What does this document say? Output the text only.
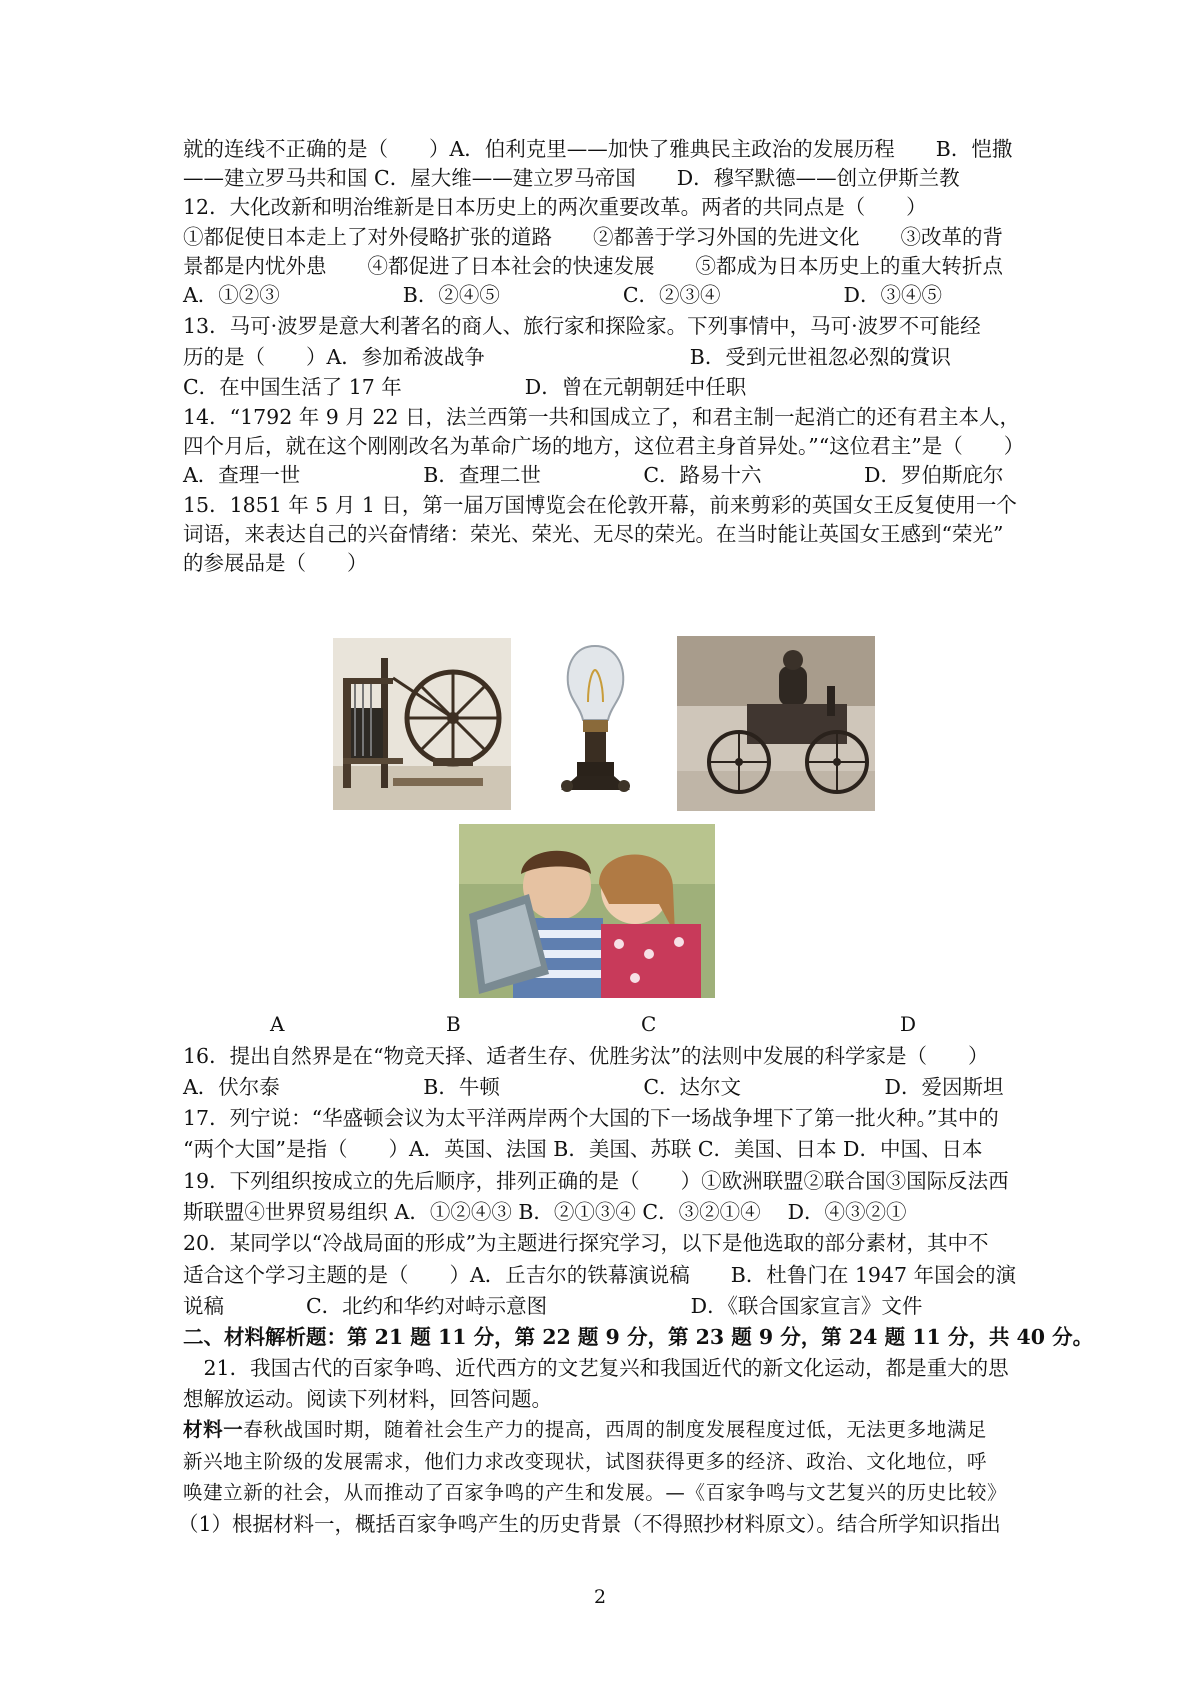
就的连线不正确的是（　　）A．伯利克里——加快了雅典民主政治的发展历程　　B．恺撒
——建立罗马共和国 C．屋大维——建立罗马帝国　　D．穆罕默德——创立伊斯兰教
12．大化改新和明治维新是日本历史上的两次重要改革。两者的共同点是（　　）
①都促使日本走上了对外侵略扩张的道路　　②都善于学习外国的先进文化　　③改革的背
景都是内忧外患　　④都促进了日本社会的快速发展　　⑤都成为日本历史上的重大转折点
A．①②③　　　　　　B．②④⑤　　　　　　C．②③④　　　　　　D．③④⑤
13．马可·波罗是意大利著名的商人、旅行家和探险家。下列事情中，马可·波罗不可能经
历的是（　　）A．参加希波战争　　　　　　　　　　B．受到元世祖忽必烈的赏识
C．在中国生活了 17 年　　　　　　D．曾在元朝朝廷中任职
14．“1792 年 9 月 22 日，法兰西第一共和国成立了，和君主制一起消亡的还有君主本人，
四个月后，就在这个刚刚改名为革命广场的地方，这位君主身首异处。”“这位君主”是（　　）
A．查理一世　　　　　　B．查理二世　　　　　C．路易十六　　　　　D．罗伯斯庇尔
15．1851 年 5 月 1 日，第一届万国博览会在伦敦开幕，前来剪彩的英国女王反复使用一个
词语，来表达自己的兴奋情绪：荣光、荣光、无尽的荣光。在当时能让英国女王感到“荣光”
的参展品是（　　）
A	B	C	D
16．提出自然界是在“物竞天择、适者生存、优胜劣汰”的法则中发展的科学家是（　　）
A．伏尔泰　　　　　　　B．牛顿　　　　　　　C．达尔文　　　　　　　D．爱因斯坦
17．列宁说：“华盛顿会议为太平洋两岸两个大国的下一场战争埋下了第一批火种。”其中的
“两个大国”是指（　　）A．英国、法国 B．美国、苏联 C．美国、日本 D．中国、日本
19．下列组织按成立的先后顺序，排列正确的是（　　）①欧洲联盟②联合国③国际反法西
斯联盟④世界贸易组织 A．①②④③ B．②①③④ C．③②①④　 D．④③②①
20．某同学以“冷战局面的形成”为主题进行探究学习，以下是他选取的部分素材，其中不
适合这个学习主题的是（　　）A．丘吉尔的铁幕演说稿　　B．杜鲁门在 1947 年国会的演
说稿　　　　C．北约和华约对峙示意图　　　　　　　D．《联合国家宣言》文件
二、材料解析题：第 21 题 11 分，第 22 题 9 分，第 23 题 9 分，第 24 题 11 分，共 40 分。
　21．我国古代的百家争鸣、近代西方的文艺复兴和我国近代的新文化运动，都是重大的思
想解放运动。阅读下列材料，回答问题。
材料一春秋战国时期，随着社会生产力的提高，西周的制度发展程度过低，无法更多地满足
新兴地主阶级的发展需求，他们力求改变现状，试图获得更多的经济、政治、文化地位，呼
唤建立新的社会，从而推动了百家争鸣的产生和发展。—《百家争鸣与文艺复兴的历史比较》
（1）根据材料一，概括百家争鸣产生的历史背景（不得照抄材料原文）。结合所学知识指出
2
